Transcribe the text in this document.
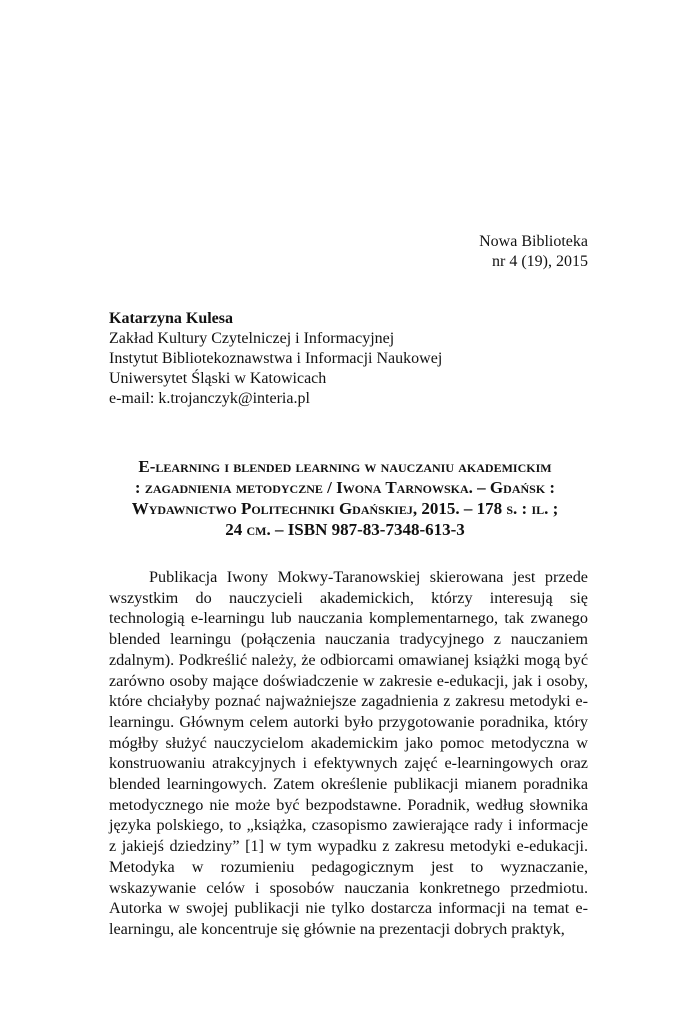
Nowa Biblioteka
nr 4 (19), 2015
Katarzyna Kulesa
Zakład Kultury Czytelniczej i Informacyjnej
Instytut Bibliotekoznawstwa i Informacji Naukowej
Uniwersytet Śląski w Katowicach
e-mail: k.trojanczyk@interia.pl
E-learning i blended learning w nauczaniu akademickim
: zagadnienia metodyczne / Iwona Tarnowska. – Gdańsk :
Wydawnictwo Politechniki Gdańskiej, 2015. – 178 s. : il. ;
24 cm. – ISBN 987-83-7348-613-3

Publikacja Iwony Mokwy-Taranowskiej skierowana jest przede wszystkim do nauczycieli akademickich, którzy interesują się technologią e-learningu lub nauczania komplementarnego, tak zwanego blended learningu (połączenia nauczania tradycyjnego z nauczaniem zdalnym). Podkreślić należy, że odbiorcami omawianej książki mogą być zarówno osoby mające doświadczenie w zakresie e-edukacji, jak i osoby, które chciałyby poznać najważniejsze zagadnienia z zakresu metodyki e-learningu. Głównym celem autorki było przygotowanie poradnika, który mógłby służyć nauczycielom akademickim jako pomoc metodyczna w konstruowaniu atrakcyjnych i efektywnych zajęć e-learningowych oraz blended learningowych. Zatem określenie publikacji mianem poradnika metodycznego nie może być bezpodstawne. Poradnik, według słownika języka polskiego, to „książka, czasopismo zawierające rady i informacje z jakiejś dziedziny” [1] w tym wypadku z zakresu metodyki e-edukacji. Metodyka w rozumieniu pedagogicznym jest to wyznaczanie, wskazywanie celów i sposobów nauczania konkretnego przedmiotu. Autorka w swojej publikacji nie tylko dostarcza informacji na temat e-learningu, ale koncentruje się głównie na prezentacji dobrych praktyk,
